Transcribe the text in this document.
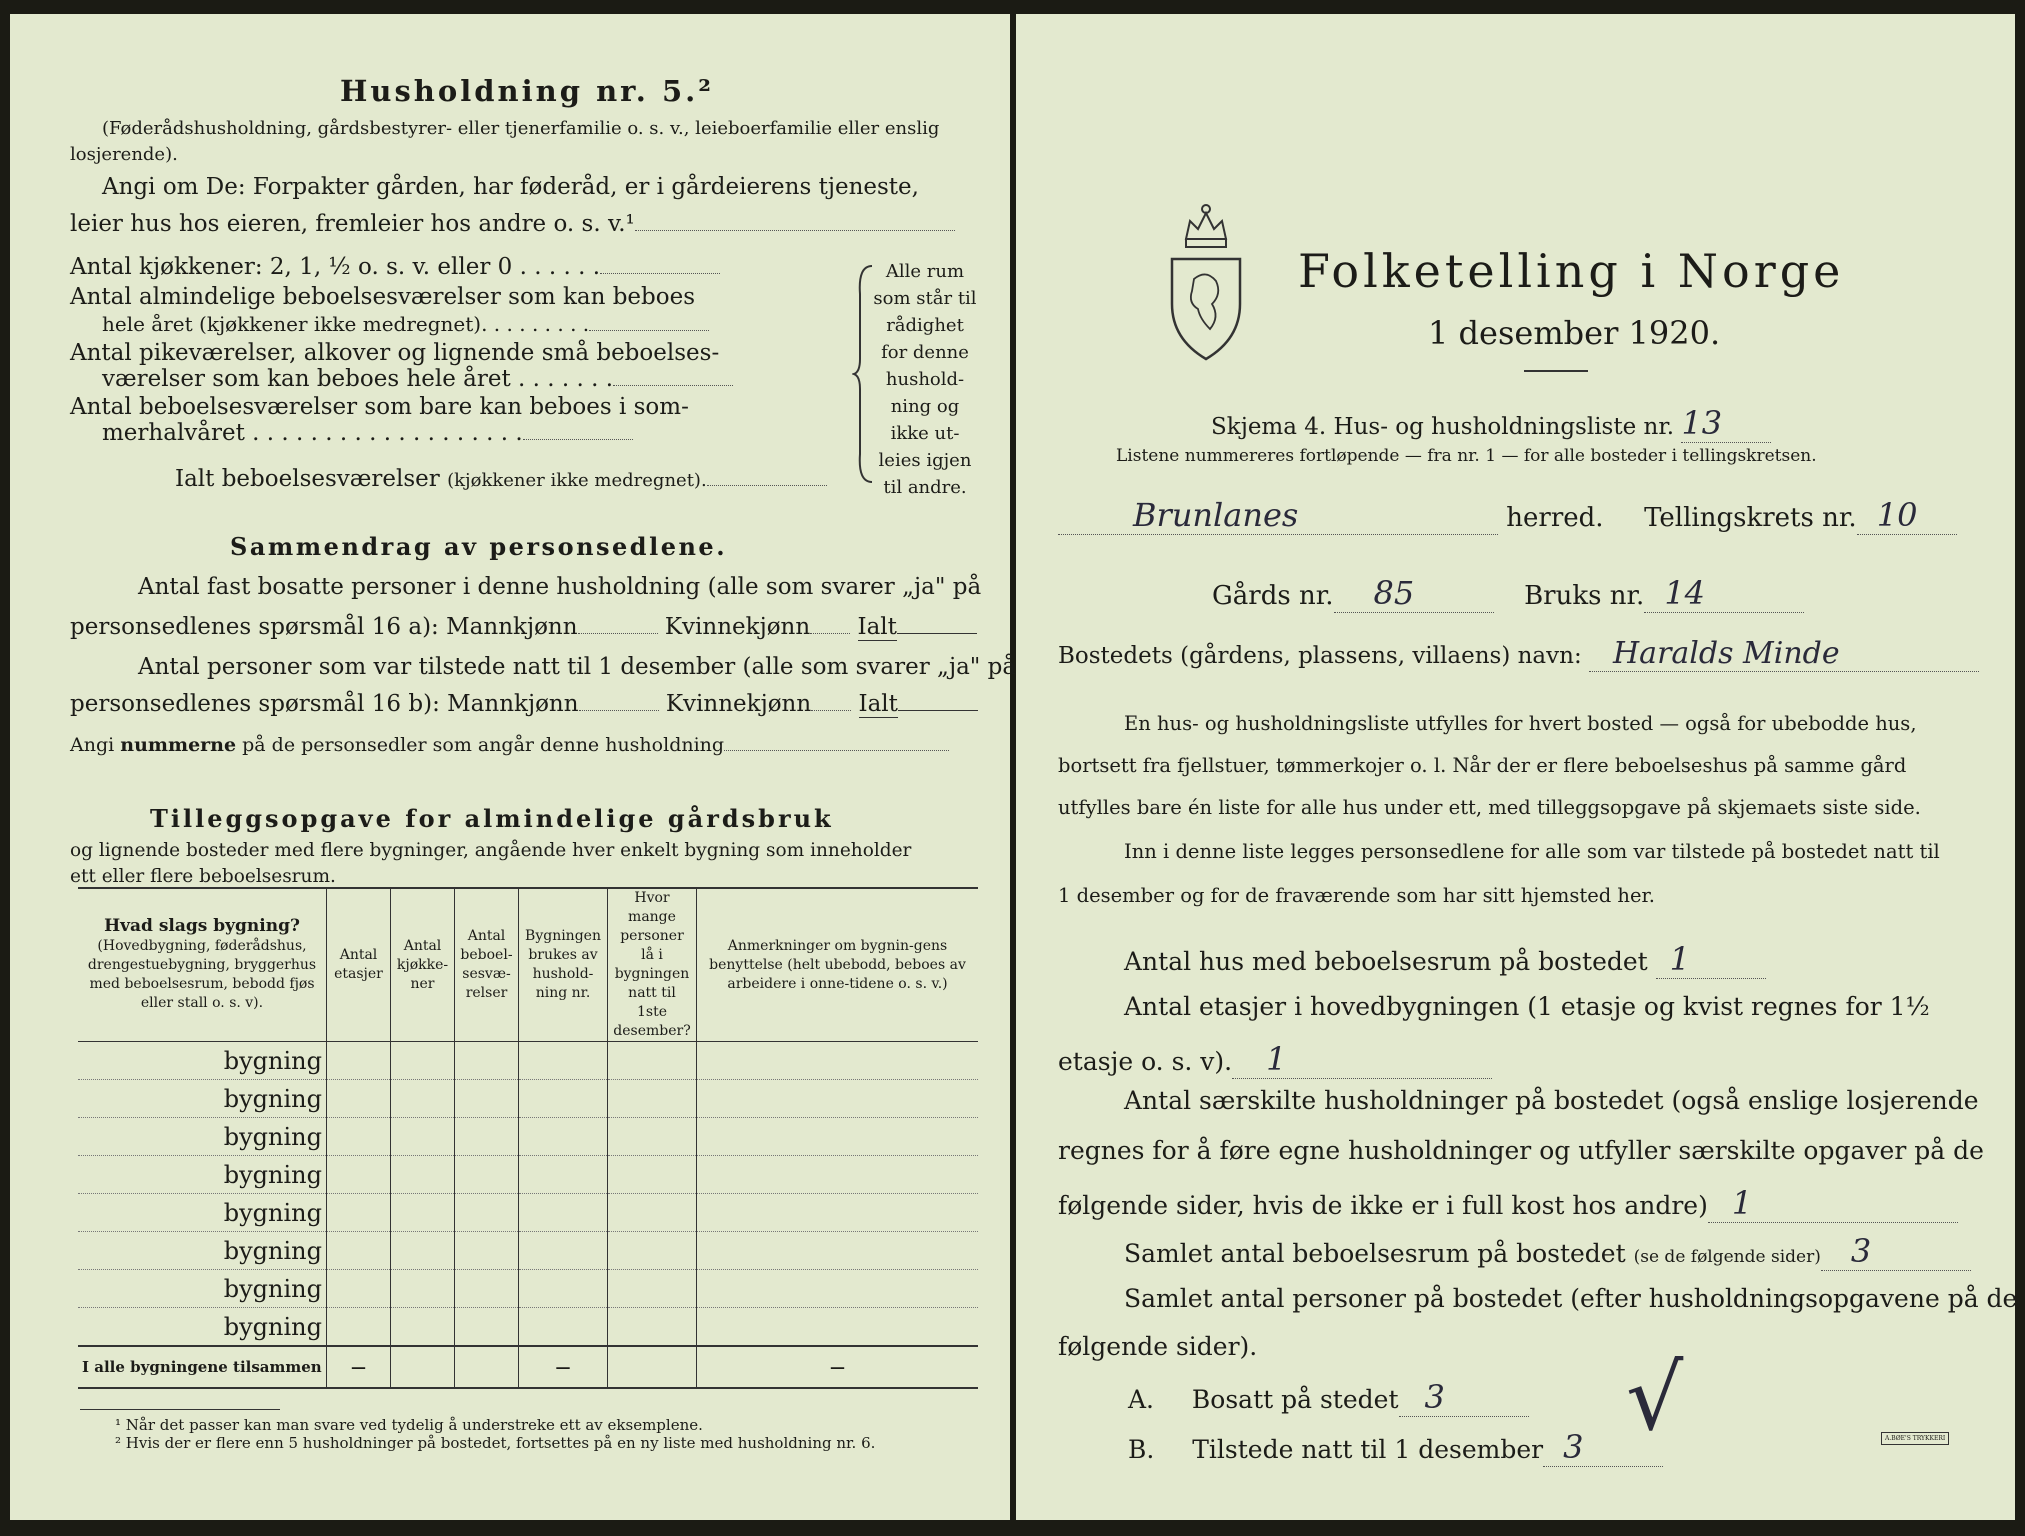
Husholdning nr. 5.²
(Føderådshusholdning, gårdsbestyrer- eller tjenerfamilie o. s. v., leieboerfamilie eller enslig losjerende).
Angi om De: Forpakter gården, har føderåd, er i gårdeierens tjeneste,
leier hus hos eieren, fremleier hos andre o. s. v.¹
Antal kjøkkener: 2, 1, ½ o. s. v. eller 0 . . . . . .
Antal almindelige beboelsesværelser som kan beboes
hele året (kjøkkener ikke medregnet). . . . . . . . .
Antal pikeværelser, alkover og lignende små beboelses-
værelser som kan beboes hele året . . . . . . .
Antal beboelsesværelser som bare kan beboes i som-
merhalvåret . . . . . . . . . . . . . . . . . . .
Ialt beboelsesværelser (kjøkkener ikke medregnet).
Alle rum
som står til
rådighet
for denne
hushold-
ning og
ikke ut-
leies igjen
til andre.
Sammendrag av personsedlene.
Antal fast bosatte personer i denne husholdning (alle som svarer „ja" på
personsedlenes spørsmål 16 a): Mannkjønn	Kvinnekjønn Ialt
Antal personer som var tilstede natt til 1 desember (alle som svarer „ja" på
personsedlenes spørsmål 16 b): Mannkjønn	Kvinnekjønn Ialt
Angi nummerne på de personsedler som angår denne husholdning
Tilleggsopgave for almindelige gårdsbruk
og lignende bosteder med flere bygninger, angående hver enkelt bygning som inneholder
ett eller flere beboelsesrum.
Hvad slags bygning?
(Hovedbygning, føderådshus, drengestuebygning, bryggerhus med beboelsesrum, bebodd fjøs eller stall o. s. v).	Antal etasjer	Antal kjøkke-ner	Antal beboel-sesvæ-relser	Bygningen brukes av hushold-ning nr.	Hvor mange personer lå i bygningen natt til 1ste desember?	Anmerkninger om bygnin-gens benyttelse (helt ubebodd, beboes av arbeidere i onne-tidene o. s. v.)
bygning						
bygning						
bygning						
bygning						
bygning						
bygning						
bygning						
bygning						
I alle bygningene tilsammen	—			—		—
¹ Når det passer kan man svare ved tydelig å understreke ett av eksemplene.
² Hvis der er flere enn 5 husholdninger på bostedet, fortsettes på en ny liste med husholdning nr. 6.
Folketelling i Norge
1 desember 1920.
Skjema 4. Hus- og husholdningsliste nr. 13
Listene nummereres fortløpende — fra nr. 1 — for alle bosteder i tellingskretsen.
Brunlanes	herred. Tellingskrets nr. 10
Gårds nr. 85	Bruks nr. 14
Bostedets (gårdens, plassens, villaens) navn: Haralds Minde
En hus- og husholdningsliste utfylles for hvert bosted — også for ubebodde hus,
bortsett fra fjellstuer, tømmerkojer o. l. Når der er flere beboelseshus på samme gård
utfylles bare én liste for alle hus under ett, med tilleggsopgave på skjemaets siste side.
Inn i denne liste legges personsedlene for alle som var tilstede på bostedet natt til
1 desember og for de fraværende som har sitt hjemsted her.
Antal hus med beboelsesrum på bostedet 1
Antal etasjer i hovedbygningen (1 etasje og kvist regnes for 1½
etasje o. s. v). 1
Antal særskilte husholdninger på bostedet (også enslige losjerende
regnes for å føre egne husholdninger og utfyller særskilte opgaver på de
følgende sider, hvis de ikke er i full kost hos andre) 1
Samlet antal beboelsesrum på bostedet (se de følgende sider) 3
Samlet antal personer på bostedet (efter husholdningsopgavene på de
følgende sider).
A. Bosatt på stedet 3
B. Tilstede natt til 1 desember 3 √	A.BØE'S TRYKKERI
